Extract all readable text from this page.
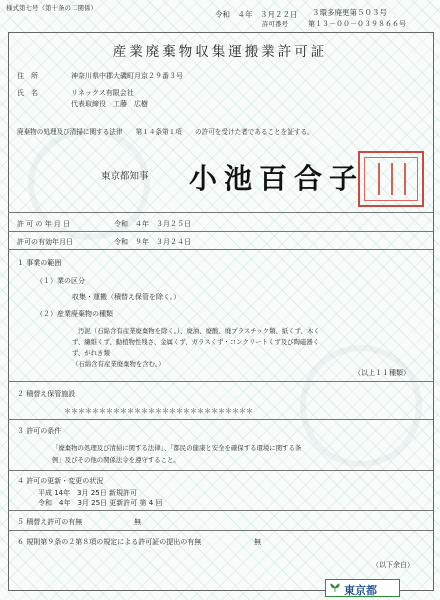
様式第七号（第十条の二関係）
令和　４年　３月２２日 ３環多廃更第５０３号
許可番号	第１３－００－０３９８６６号
産業廃棄物収集運搬業許可証
住　所	神奈川県中郡大磯町月京２９番３号
氏　名	リネックス有限会社
代表取締役　工藤　広樹
廃棄物の処理及び清掃に関する法律　　第１４条第１項　　の許可を受けた者であることを証する。
東京都知事 小池百合子
許 可 の 年 月 日	令和　４年　３月２５日
許可の有効年月日	令和　９年　３月２４日
１ 事業の範囲
（１）業の区分
収集・運搬（積替え保管を除く。）
（２）産業廃棄物の種類
汚泥（石綿含有産業廃棄物を除く。）、廃油、廃酸、廃プラスチック類、紙くず、木く
ず、繊維くず、動植物性残さ、金属くず、ガラスくず・コンクリートくず及び陶磁器く
ず、がれき類
（石綿含有産業廃棄物を含む。）
（以上１１種類）
２ 積替え保管施設
＊＊＊＊＊＊＊＊＊＊＊＊＊＊＊＊＊＊＊＊＊＊＊＊＊＊＊
３ 許可の条件
「廃棄物の処理及び清掃に関する法律」、「都民の健康と安全を確保する環境に関する条
例」及びその他の関係法令を遵守すること。
４ 許可の更新・変更の状況
平成 14年　3月 25日 新規許可
令和　4年　3月 25日 更新許可 第 4 回
５ 積替え許可の有無	無
６ 規則第９条の２第８項の規定による許可証の提出の有無	無
（以下余白）
東京都
